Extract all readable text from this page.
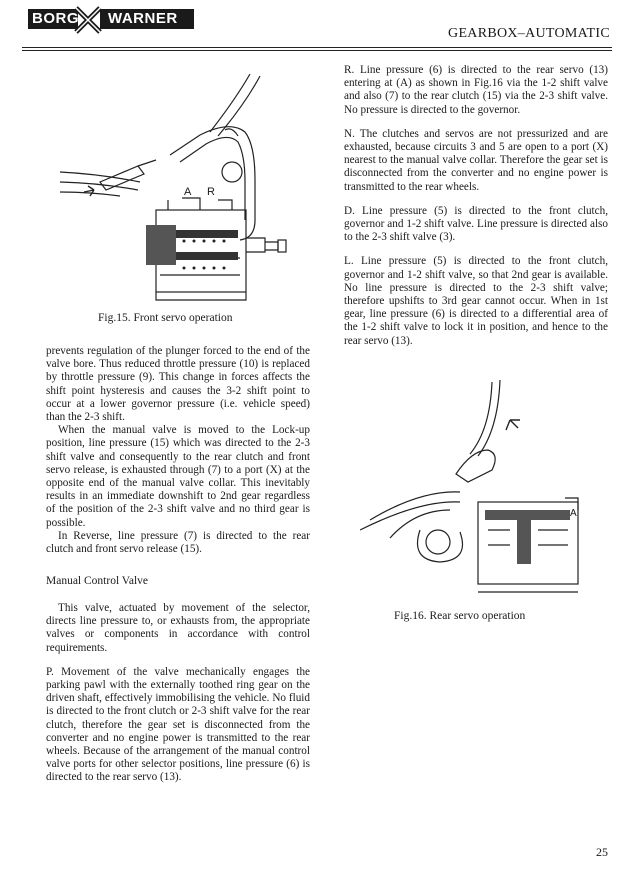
BORG	WARNER
GEARBOX–AUTOMATIC
A R
Fig.15. Front servo operation

prevents regulation of the plunger forced to the end of the valve bore. Thus reduced throttle pressure (10) is replaced by throttle pressure (9). This change in forces affects the shift point hysteresis and causes the 3-2 shift point to occur at a lower governor pressure (i.e. vehicle speed) than the 2-3 shift.

When the manual valve is moved to the Lock-up position, line pressure (15) which was directed to the 2-3 shift valve and consequently to the rear clutch and front servo release, is exhausted through (7) to a port (X) at the opposite end of the manual valve collar. This inevitably results in an immediate downshift to 2nd gear regardless of the position of the 2-3 shift valve and no third gear is possible.

In Reverse, line pressure (7) is directed to the rear clutch and front servo release (15).

Manual Control Valve

This valve, actuated by movement of the selector, directs line pressure to, or exhausts from, the appropriate valves or components in accordance with control requirements.

P. Movement of the valve mechanically engages the parking pawl with the externally toothed ring gear on the driven shaft, effectively immobilising the vehicle. No fluid is directed to the front clutch or 2-3 shift valve for the rear clutch, therefore the gear set is disconnected from the converter and no engine power is transmitted to the rear wheels. Because of the arrangement of the manual control valve ports for other selector positions, line pressure (6) is directed to the rear servo (13).

R. Line pressure (6) is directed to the rear servo (13) entering at (A) as shown in Fig.16 via the 1-2 shift valve and also (7) to the rear clutch (15) via the 2-3 shift valve. No pressure is directed to the governor.

N. The clutches and servos are not pressurized and are exhausted, because circuits 3 and 5 are open to a port (X) nearest to the manual valve collar. Therefore the gear set is disconnected from the converter and no engine power is transmitted to the rear wheels.

D. Line pressure (5) is directed to the front clutch, governor and 1-2 shift valve. Line pressure is directed also to the 2-3 shift valve (3).

L. Line pressure (5) is directed to the front clutch, governor and 1-2 shift valve, so that 2nd gear is available. No line pressure is directed to the 2-3 shift valve; therefore upshifts to 3rd gear cannot occur. When in 1st gear, line pressure (6) is directed to a differential area of the 1-2 shift valve to lock it in position, and hence to the rear servo (13).

A
Fig.16. Rear servo operation
25
